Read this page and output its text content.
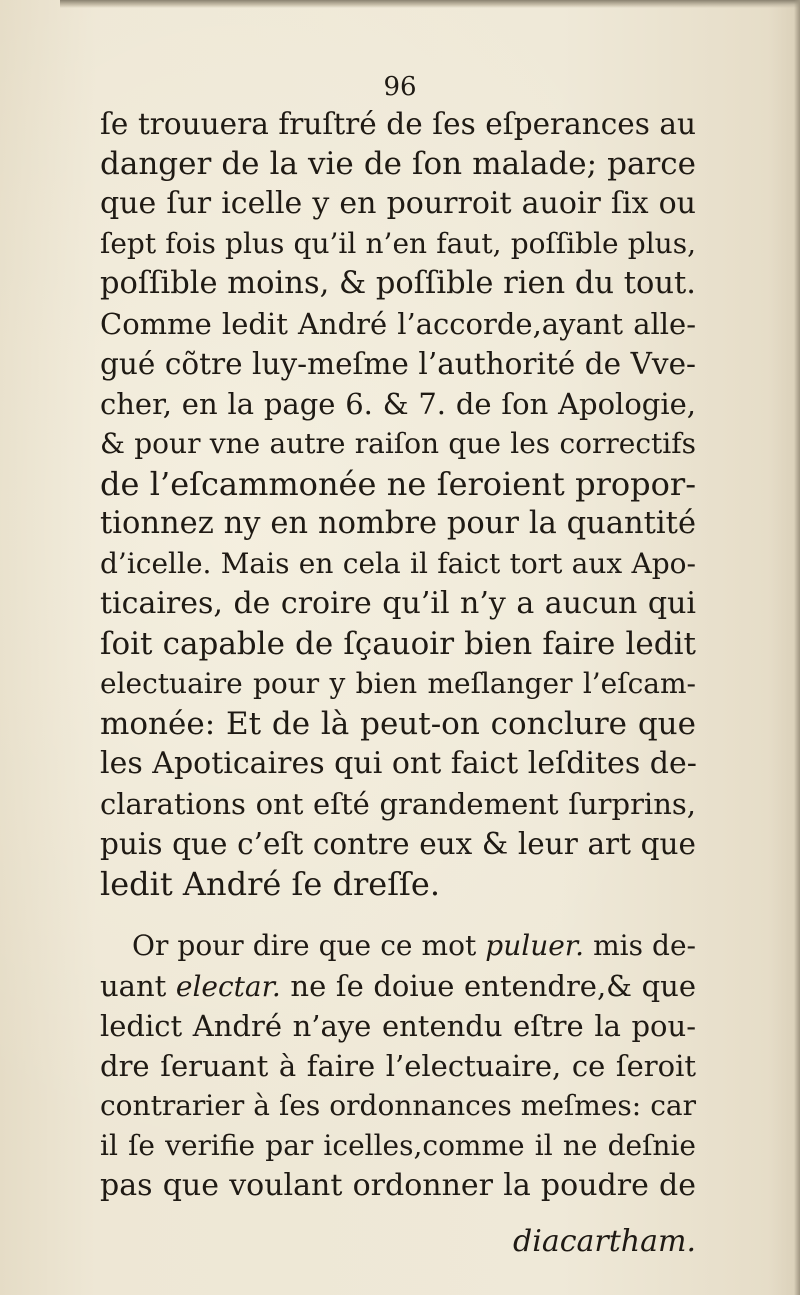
96
ſe trouuera fruſtré de ſes eſperances au
danger de la vie de ſon malade; parce
que ſur icelle y en pourroit auoir ſix ou
ſept fois plus qu’il n’en faut, poſſible plus,
poſſible moins, & poſſible rien du tout.
Comme ledit André l’accorde,ayant alle-
gué cõtre luy-meſme l’authorité de Vve-
cher, en la page 6. & 7. de ſon Apologie,
& pour vne autre raiſon que les correctifs
de l’eſcammonée ne ſeroient propor-
tionnez ny en nombre pour la quantité
d’icelle. Mais en cela il faict tort aux Apo-
ticaires, de croire qu’il n’y a aucun qui
ſoit capable de ſçauoir bien faire ledit
electuaire pour y bien meſlanger l’eſcam-
monée: Et de là peut-on conclure que
les Apoticaires qui ont faict leſdites de-
clarations ont eſté grandement ſurprins,
puis que c’eſt contre eux & leur art que
ledit André ſe dreſſe.
Or pour dire que ce mot puluer. mis de-
uant electar. ne ſe doiue entendre,& que
ledict André n’aye entendu eſtre la pou-
dre ſeruant à faire l’electuaire, ce ſeroit
contrarier à ſes ordonnances meſmes: car
il ſe verifie par icelles,comme il ne deſnie
pas que voulant ordonner la poudre de
diacartham.
